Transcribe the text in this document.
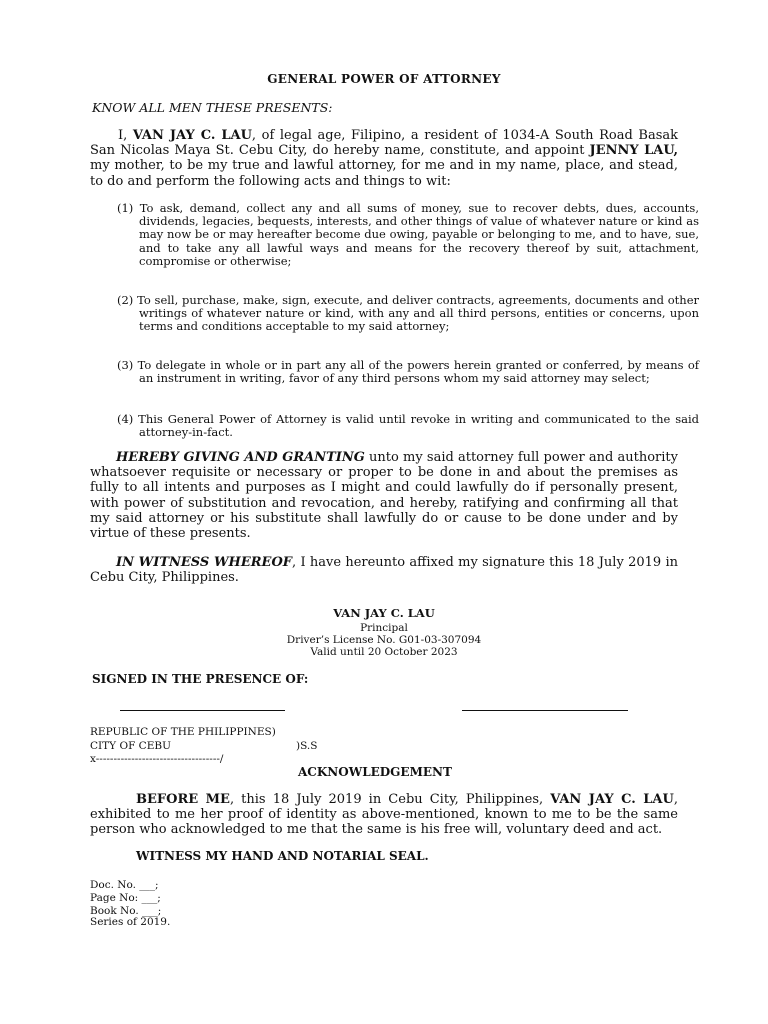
GENERAL POWER OF ATTORNEY
KNOW ALL MEN THESE PRESENTS:

I, VAN JAY C. LAU, of legal age, Filipino, a resident of 1034-A South Road Basak San Nicolas Maya St. Cebu City, do hereby name, constitute, and appoint JENNY LAU, my mother, to be my true and lawful attorney, for me and in my name, place, and stead, to do and perform the following acts and things to wit:

(1) To ask, demand, collect any and all sums of money, sue to recover debts, dues, accounts, dividends, legacies, bequests, interests, and other things of value of whatever nature or kind as may now be or may hereafter become due owing, payable or belonging to me, and to have, sue, and to take any all lawful ways and means for the recovery thereof by suit, attachment, compromise or otherwise;

(2) To sell, purchase, make, sign, execute, and deliver contracts, agreements, documents and other writings of whatever nature or kind, with any and all third persons, entities or concerns, upon terms and conditions acceptable to my said attorney;

(3) To delegate in whole or in part any all of the powers herein granted or conferred, by means of an instrument in writing, favor of any third persons whom my said attorney may select;

(4) This General Power of Attorney is valid until revoke in writing and communicated to the said attorney-in-fact.

HEREBY GIVING AND GRANTING unto my said attorney full power and authority whatsoever requisite or necessary or proper to be done in and about the premises as fully to all intents and purposes as I might and could lawfully do if personally present, with power of substitution and revocation, and hereby, ratifying and confirming all that my said attorney or his substitute shall lawfully do or cause to be done under and by virtue of these presents.

IN WITNESS WHEREOF, I have hereunto affixed my signature this 18 July 2019 in Cebu City, Philippines.

VAN JAY C. LAU
Principal
Driver’s License No. G01-03-307094
Valid until 20 October 2023
SIGNED IN THE PRESENCE OF:
REPUBLIC OF THE PHILIPPINES)
CITY OF CEBU	)S.S
x-----------------------------------/
ACKNOWLEDGEMENT

BEFORE ME, this 18 July 2019 in Cebu City, Philippines, VAN JAY C. LAU, exhibited to me her proof of identity as above-mentioned, known to me to be the same person who acknowledged to me that the same is his free will, voluntary deed and act.

WITNESS MY HAND AND NOTARIAL SEAL.
Doc. No. ___;
Page No: ___;
Book No. ___;
Series of 2019.
